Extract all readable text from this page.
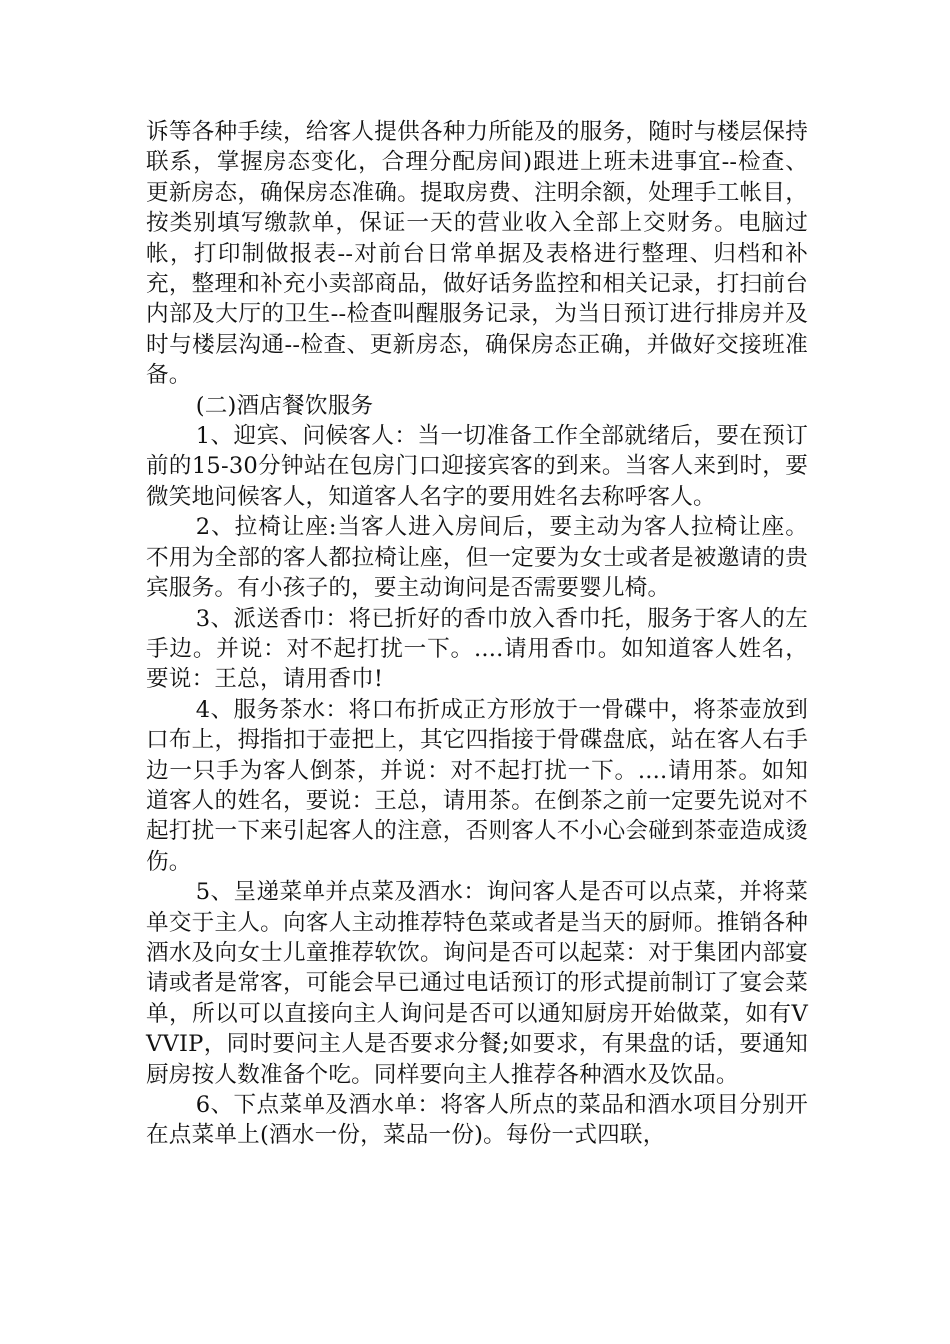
诉等各种手续，给客人提供各种力所能及的服务，随时与楼层保持联系，掌握房态变化，合理分配房间)跟进上班未进事宜--检查、更新房态，确保房态准确。提取房费、注明余额，处理手工帐目，按类别填写缴款单，保证一天的营业收入全部上交财务。电脑过帐，打印制做报表--对前台日常单据及表格进行整理、归档和补充，整理和补充小卖部商品，做好话务监控和相关记录，打扫前台内部及大厅的卫生--检查叫醒服务记录，为当日预订进行排房并及时与楼层沟通--检查、更新房态，确保房态正确，并做好交接班准备。

(二)酒店餐饮服务

1、迎宾、问候客人：当一切准备工作全部就绪后，要在预订前的15-30分钟站在包房门口迎接宾客的到来。当客人来到时，要微笑地问候客人，知道客人名字的要用姓名去称呼客人。

2、拉椅让座:当客人进入房间后，要主动为客人拉椅让座。不用为全部的客人都拉椅让座，但一定要为女士或者是被邀请的贵宾服务。有小孩子的，要主动询问是否需要婴儿椅。

3、派送香巾：将已折好的香巾放入香巾托，服务于客人的左手边。并说：对不起打扰一下。....请用香巾。如知道客人姓名，要说：王总，请用香巾!

4、服务茶水：将口布折成正方形放于一骨碟中，将茶壶放到口布上，拇指扣于壶把上，其它四指接于骨碟盘底，站在客人右手边一只手为客人倒茶，并说：对不起打扰一下。....请用茶。如知道客人的姓名，要说：王总，请用茶。在倒茶之前一定要先说对不起打扰一下来引起客人的注意，否则客人不小心会碰到茶壶造成烫伤。

5、呈递菜单并点菜及酒水：询问客人是否可以点菜，并将菜单交于主人。向客人主动推荐特色菜或者是当天的厨师。推销各种酒水及向女士儿童推荐软饮。询问是否可以起菜：对于集团内部宴请或者是常客，可能会早已通过电话预订的形式提前制订了宴会菜单，所以可以直接向主人询问是否可以通知厨房开始做菜，如有VVVIP，同时要问主人是否要求分餐;如要求，有果盘的话，要通知厨房按人数准备个吃。同样要向主人推荐各种酒水及饮品。

6、下点菜单及酒水单：将客人所点的菜品和酒水项目分别开在点菜单上(酒水一份，菜品一份)。每份一式四联，
